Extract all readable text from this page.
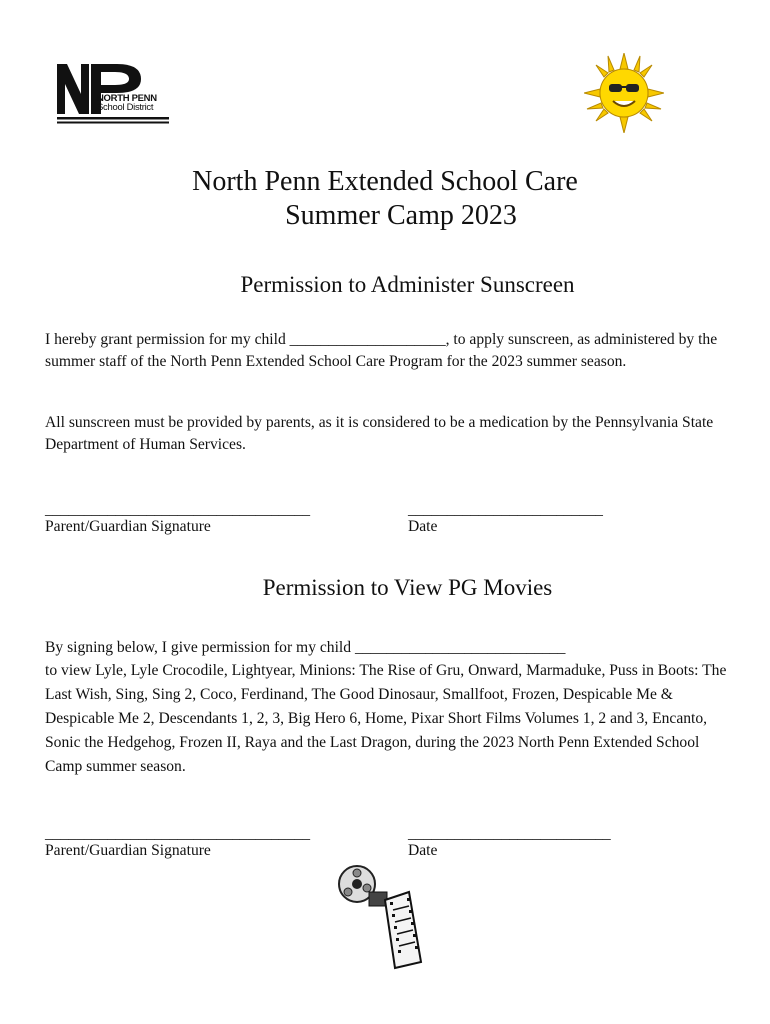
NORTH PENN
School District
North Penn Extended School Care
Summer Camp 2023
Permission to Administer Sunscreen
I hereby grant permission for my child ____________________, to apply sunscreen, as administered by the summer staff of the North Penn Extended School Care Program for the 2023 summer season.
All sunscreen must be provided by parents, as it is considered to be a medication by the Pennsylvania State Department of Human Services.
__________________________________
Parent/Guardian Signature
_________________________
Date
Permission to View PG Movies
By signing below, I give permission for my child ___________________________
to view Lyle, Lyle Crocodile, Lightyear, Minions: The Rise of Gru, Onward, Marmaduke, Puss in Boots: The Last Wish, Sing, Sing 2, Coco, Ferdinand, The Good Dinosaur, Smallfoot, Frozen, Despicable Me & Despicable Me 2, Descendants 1, 2, 3, Big Hero 6, Home, Pixar Short Films Volumes 1, 2 and 3, Encanto, Sonic the Hedgehog, Frozen II, Raya and the Last Dragon, during the 2023 North Penn Extended School Camp summer season.
__________________________________
Parent/Guardian Signature
__________________________
Date
